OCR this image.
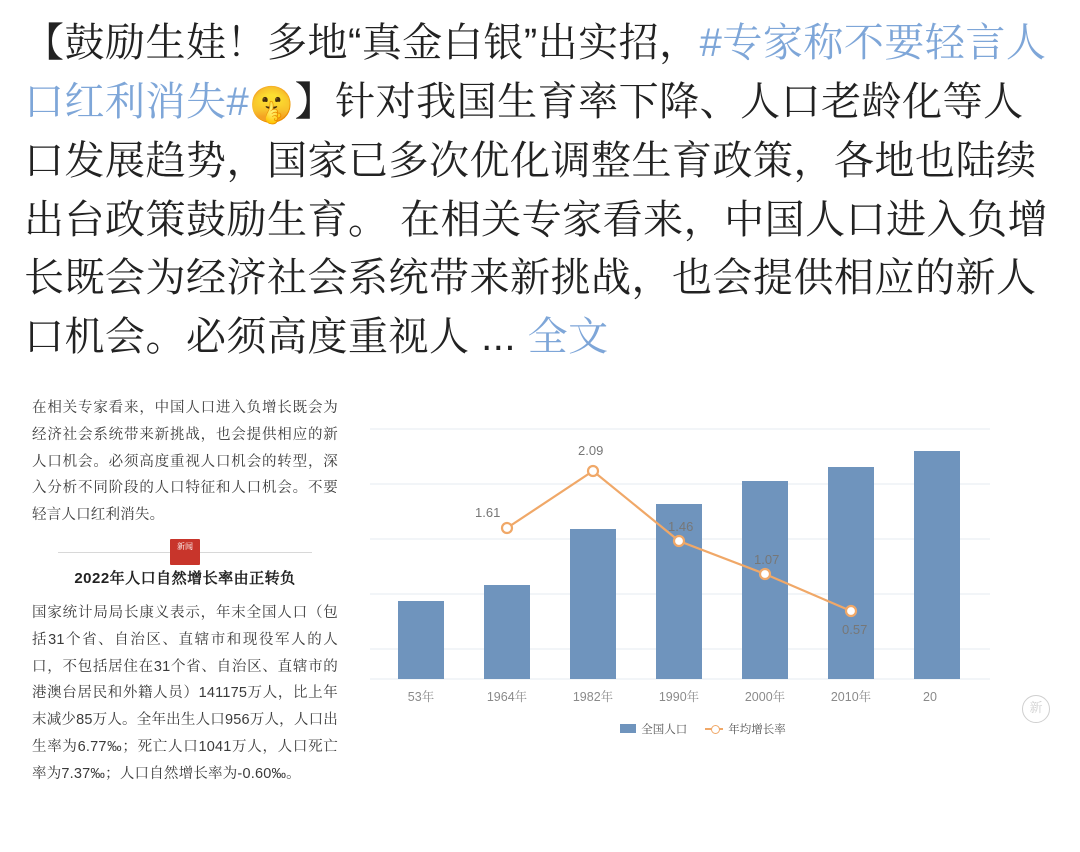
【鼓励生娃！多地“真金白银”出实招，#专家称不要轻言人口红利消失#🤫】针对我国生育率下降、人口老龄化等人口发展趋势，国家已多次优化调整生育政策，各地也陆续出台政策鼓励生育。 在相关专家看来，中国人口进入负增长既会为经济社会系统带来新挑战，也会提供相应的新人口机会。必须高度重视人 ... 全文

在相关专家看来，中国人口进入负增长既会为经济社会系统带来新挑战，也会提供相应的新人口机会。必须高度重视人口机会的转型，深入分析不同阶段的人口特征和人口机会。不要轻言人口红利消失。

新闻
2022年人口自然增长率由正转负

国家统计局局长康义表示，年末全国人口（包括31个省、自治区、直辖市和现役军人的人口，不包括居住在31个省、自治区、直辖市的港澳台居民和外籍人员）141175万人，比上年末减少85万人。全年出生人口956万人，人口出生率为6.77‰；死亡人口1041万人，人口死亡率为7.37‰；人口自然增长率为-0.60‰。

1.61
2.09
1.46
1.07
0.57
53年	1964年	1982年	1990年	2000年	2010年	20
全国人口	年均增长率
新
